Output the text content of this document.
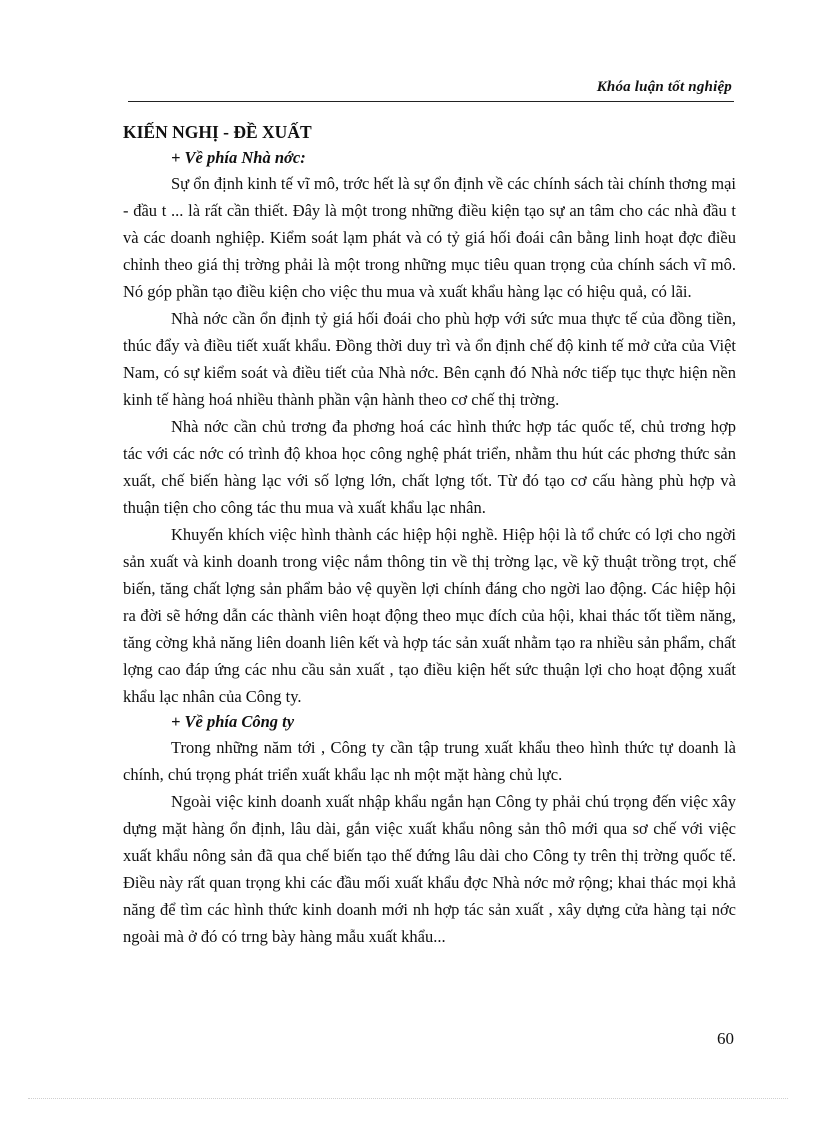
Khóa luận tốt nghiệp
KIẾN NGHỊ - ĐỀ XUẤT

+ Về phía Nhà nớc:

Sự ổn định kinh tế vĩ mô, trớc hết là sự ổn định về các chính sách tài chính thơng mại - đầu t ... là rất cần thiết. Đây là một trong những điều kiện tạo sự an tâm cho các nhà đầu t và các doanh nghiệp. Kiểm soát lạm phát và có tỷ giá hối đoái cân bằng linh hoạt đợc điều chỉnh theo giá thị trờng phải là một trong những mục tiêu quan trọng của chính sách vĩ mô. Nó góp phần tạo điều kiện cho việc thu mua và xuất khẩu hàng lạc có hiệu quả, có lãi.

Nhà nớc cần ổn định tỷ giá hối đoái cho phù hợp với sức mua thực tế của đồng tiền, thúc đẩy và điều tiết xuất khẩu. Đồng thời duy trì và ổn định chế độ kinh tế mở cửa của Việt Nam, có sự kiểm soát và điều tiết của Nhà nớc. Bên cạnh đó Nhà nớc tiếp tục thực hiện nền kinh tế hàng hoá nhiều thành phần vận hành theo cơ chế thị trờng.

Nhà nớc cần chủ trơng đa phơng hoá các hình thức hợp tác quốc tế, chủ trơng hợp tác với các nớc có trình độ khoa học công nghệ phát triển, nhằm thu hút các phơng thức sản xuất, chế biến hàng lạc với số lợng lớn, chất lợng tốt. Từ đó tạo cơ cấu hàng phù hợp và thuận tiện cho công tác thu mua và xuất khẩu lạc nhân.

Khuyến khích việc hình thành các hiệp hội nghề. Hiệp hội là tổ chức có lợi cho ngời sản xuất và kinh doanh trong việc nắm thông tin về thị trờng lạc, về kỹ thuật trồng trọt, chế biến, tăng chất lợng sản phẩm bảo vệ quyền lợi chính đáng cho ngời lao động. Các hiệp hội ra đời sẽ hớng dẫn các thành viên hoạt động theo mục đích của hội, khai thác tốt tiềm năng, tăng cờng khả năng liên doanh liên kết và hợp tác sản xuất nhằm tạo ra nhiều sản phẩm, chất lợng cao đáp ứng các nhu cầu sản xuất , tạo điều kiện hết sức thuận lợi cho hoạt động xuất khẩu lạc nhân của Công ty.

+ Về phía Công ty

Trong những năm tới , Công ty cần tập trung xuất khẩu theo hình thức tự doanh là chính, chú trọng phát triển xuất khẩu lạc nh một mặt hàng chủ lực.

Ngoài việc kinh doanh xuất nhập khẩu ngắn hạn Công ty phải chú trọng đến việc xây dựng mặt hàng ổn định, lâu dài, gắn việc xuất khẩu nông sản thô mới qua sơ chế với việc xuất khẩu nông sản đã qua chế biến tạo thế đứng lâu dài cho Công ty trên thị trờng quốc tế. Điều này rất quan trọng khi các đầu mối xuất khẩu đợc Nhà nớc mở rộng; khai thác mọi khả năng để tìm các hình thức kinh doanh mới nh hợp tác sản xuất , xây dựng cửa hàng tại nớc ngoài mà ở đó có trng bày hàng mẫu xuất khẩu...

60
